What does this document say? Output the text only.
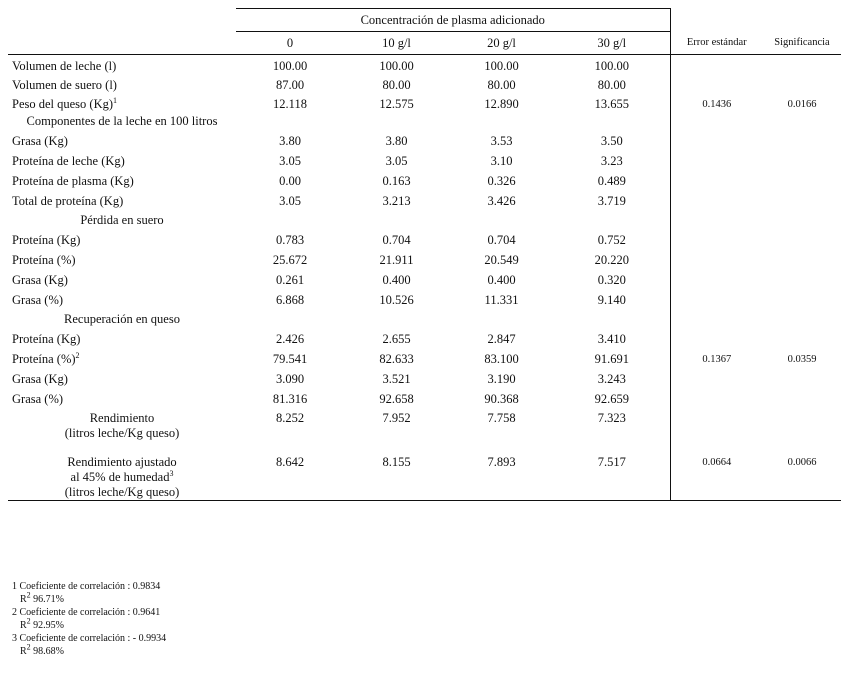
	Concentración de plasma adicionado					
	0	10 g/l	20 g/l	30 g/l	Error estándar	Significancia
Volumen de leche (l)	100.00	100.00	100.00	100.00		
Volumen de suero (l)	87.00	80.00	80.00	80.00		
Peso del queso $(Kg)^1$	12.118	12.575	12.890	13.655	0.1436	0.0166
Componentes de la leche en 100 litros						
Grasa (Kg)	3.80	3.80	3.53	3.50		
Proteína de leche (Kg)	3.05	3.05	3.10	3.23		
Proteína de plasma (Kg)	0.00	0.163	0.326	0.489		
Total de proteína (Kg)	3.05	3.213	3.426	3.719		
Pérdida en suero						
Proteína (Kg)	0.783	0.704	0.704	0.752		
Proteína (%)	25.672	21.911	20.549	20.220		
Grasa (Kg)	0.261	0.400	0.400	0.320		
Grasa (%)	6.868	10.526	11.331	9.140		
Recuperación en queso						
Proteína (Kg)	2.426	2.655	2.847	3.410		
Proteína (%)$^2$	79.541	82.633	83.100	91.691	0.1367	0.0359
Grasa (Kg)	3.090	3.521	3.190	3.243		
Grasa (%)	81.316	92.658	90.368	92.659		

Rendimiento
(litros leche/Kg queso)	8.252	7.952	7.758	7.323		

Rendimiento ajustado
al 45% de humedad$^3$
(litros leche/Kg queso)	8.642	8.155	7.893	7.517	0.0664	0.0066
1 Coeficiente de correlación : 0.9834
$R^2$ 96.71%
2 Coeficiente de correlación : 0.9641
$R^2$ 92.95%
3 Coeficiente de correlación : - 0.9934
$R^2$ 98.68%
